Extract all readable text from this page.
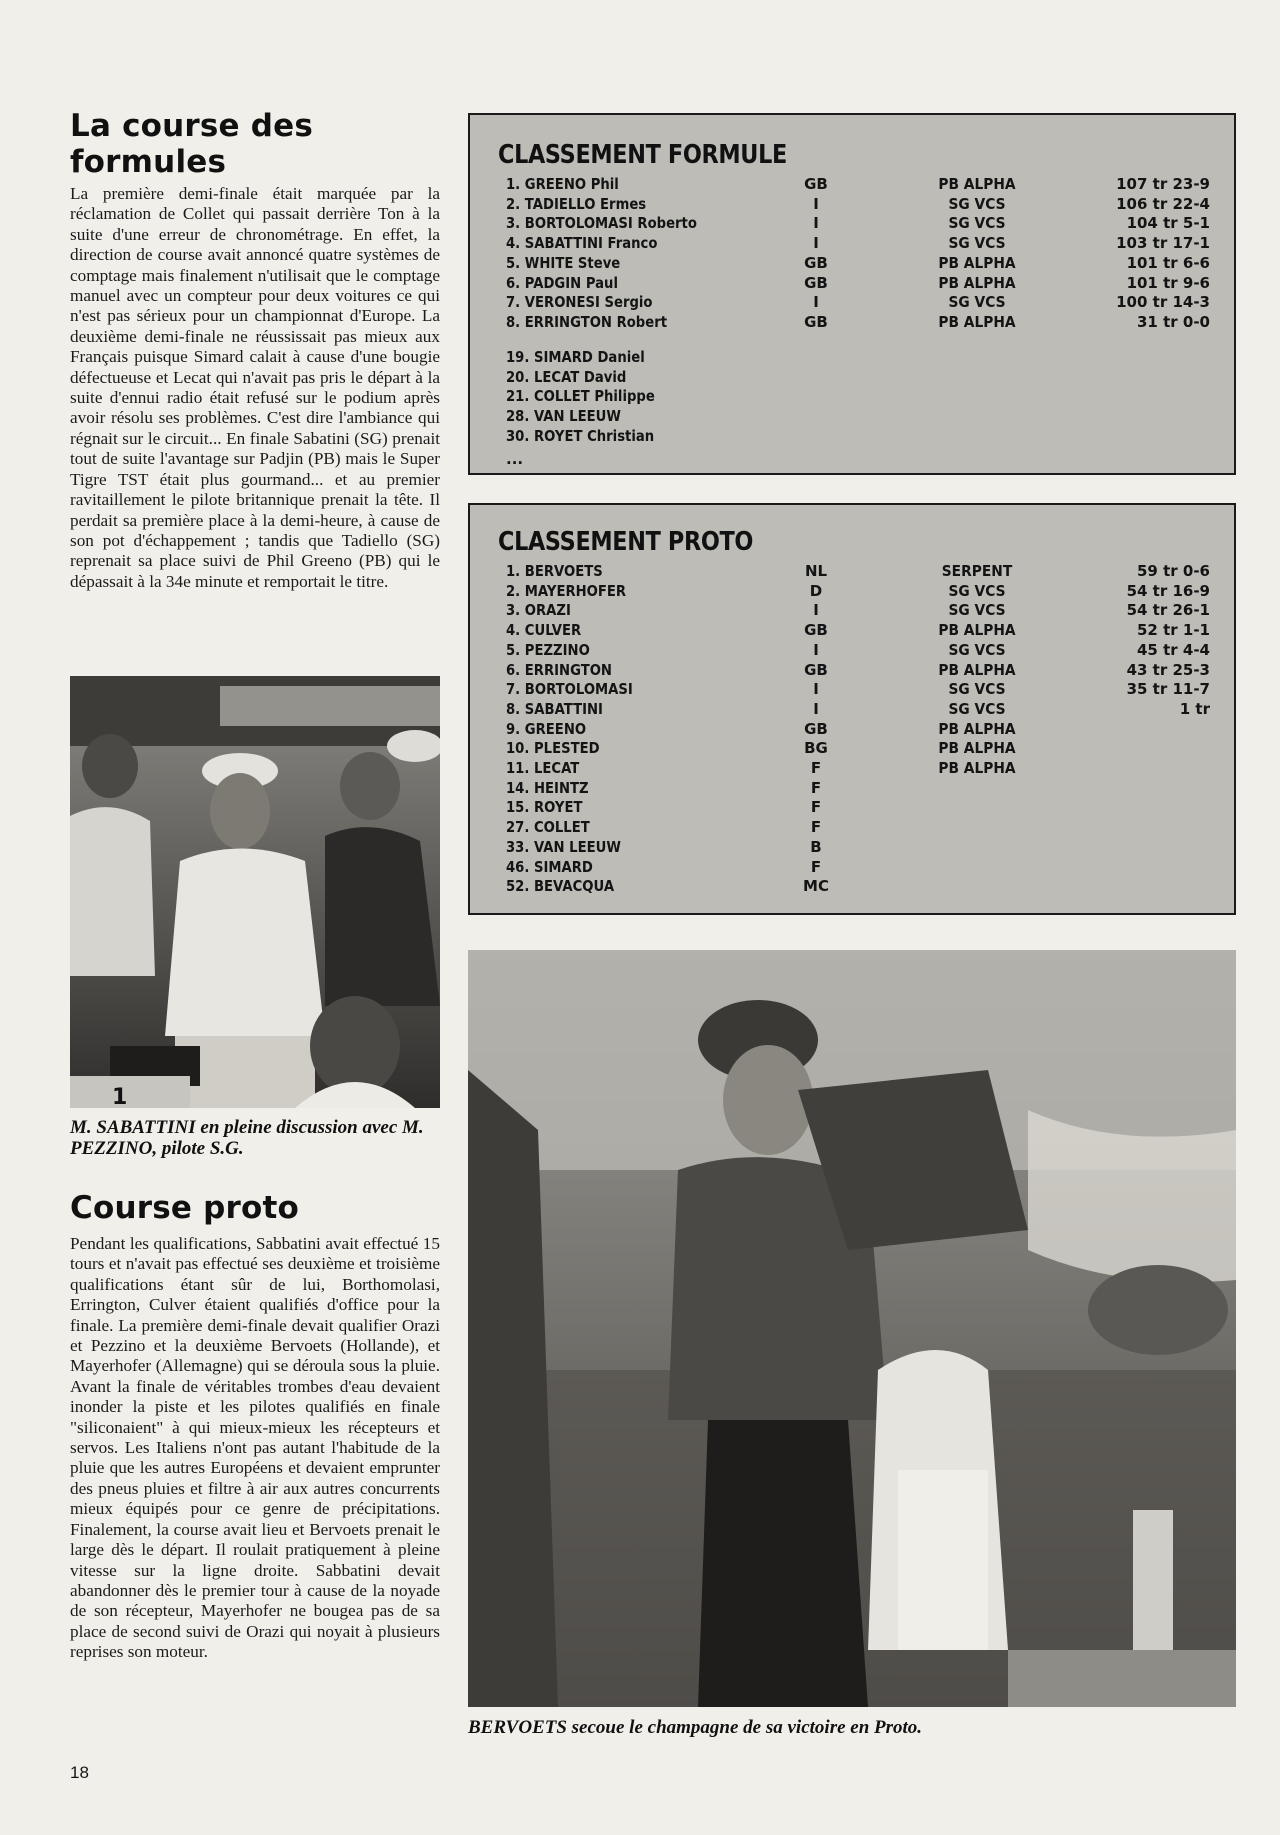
La course des formules

La première demi-finale était marquée par la réclamation de Collet qui passait derrière Ton à la suite d'une erreur de chronométrage. En effet, la direction de course avait annoncé quatre systèmes de comptage mais finalement n'utilisait que le comptage manuel avec un compteur pour deux voitures ce qui n'est pas sérieux pour un championnat d'Europe. La deuxième demi-finale ne réussissait pas mieux aux Français puisque Simard calait à cause d'une bougie défectueuse et Lecat qui n'avait pas pris le départ à la suite d'ennui radio était refusé sur le podium après avoir résolu ses problèmes. C'est dire l'ambiance qui régnait sur le circuit... En finale Sabatini (SG) prenait tout de suite l'avantage sur Padjin (PB) mais le Super Tigre TST était plus gourmand... et au premier ravitaillement le pilote britannique prenait la tête. Il perdait sa première place à la demi-heure, à cause de son pot d'échappement ; tandis que Tadiello (SG) reprenait sa place suivi de Phil Greeno (PB) qui le dépassait à la 34e minute et remportait le titre.

1
M. SABATTINI en pleine discussion avec M. PEZZINO, pilote S.G.
Course proto

Pendant les qualifications, Sabbatini avait effectué 15 tours et n'avait pas effectué ses deuxième et troisième qualifications étant sûr de lui, Borthomolasi, Errington, Culver étaient qualifiés d'office pour la finale. La première demi-finale devait qualifier Orazi et Pezzino et la deuxième Bervoets (Hollande), et Mayerhofer (Allemagne) qui se déroula sous la pluie. Avant la finale de véritables trombes d'eau devaient inonder la piste et les pilotes qualifiés en finale "siliconaient" à qui mieux-mieux les récepteurs et servos. Les Italiens n'ont pas autant l'habitude de la pluie que les autres Européens et devaient emprunter des pneus pluies et filtre à air aux autres concurrents mieux équipés pour ce genre de précipitations. Finalement, la course avait lieu et Bervoets prenait le large dès le départ. Il roulait pratiquement à pleine vitesse sur la ligne droite. Sabbatini devait abandonner dès le premier tour à cause de la noyade de son récepteur, Mayerhofer ne bougea pas de sa place de second suivi de Orazi qui noyait à plusieurs reprises son moteur.

CLASSEMENT FORMULE
1. GREENO Phil	GB	PB ALPHA	107 tr 23-9
2. TADIELLO Ermes	I	SG VCS	106 tr 22-4
3. BORTOLOMASI Roberto	I	SG VCS	104 tr 5-1
4. SABATTINI Franco	I	SG VCS	103 tr 17-1
5. WHITE Steve	GB	PB ALPHA	101 tr 6-6
6. PADGIN Paul	GB	PB ALPHA	101 tr 9-6
7. VERONESI Sergio	I	SG VCS	100 tr 14-3
8. ERRINGTON Robert	GB	PB ALPHA	31 tr 0-0
...
19. SIMARD Daniel
20. LECAT David
21. COLLET Philippe
28. VAN LEEUW
30. ROYET Christian
CLASSEMENT PROTO
1. BERVOETS	NL	SERPENT	59 tr 0-6
2. MAYERHOFER	D	SG VCS	54 tr 16-9
3. ORAZI	I	SG VCS	54 tr 26-1
4. CULVER	GB	PB ALPHA	52 tr 1-1
5. PEZZINO	I	SG VCS	45 tr 4-4
6. ERRINGTON	GB	PB ALPHA	43 tr 25-3
7. BORTOLOMASI	I	SG VCS	35 tr 11-7
8. SABATTINI	I	SG VCS	1 tr
9. GREENO	GB	PB ALPHA
10. PLESTED	BG	PB ALPHA
11. LECAT	F	PB ALPHA
14. HEINTZ	F
15. ROYET	F
27. COLLET	F
33. VAN LEEUW	B
46. SIMARD	F
52. BEVACQUA	MC
BERVOETS secoue le champagne de sa victoire en Proto.
18
